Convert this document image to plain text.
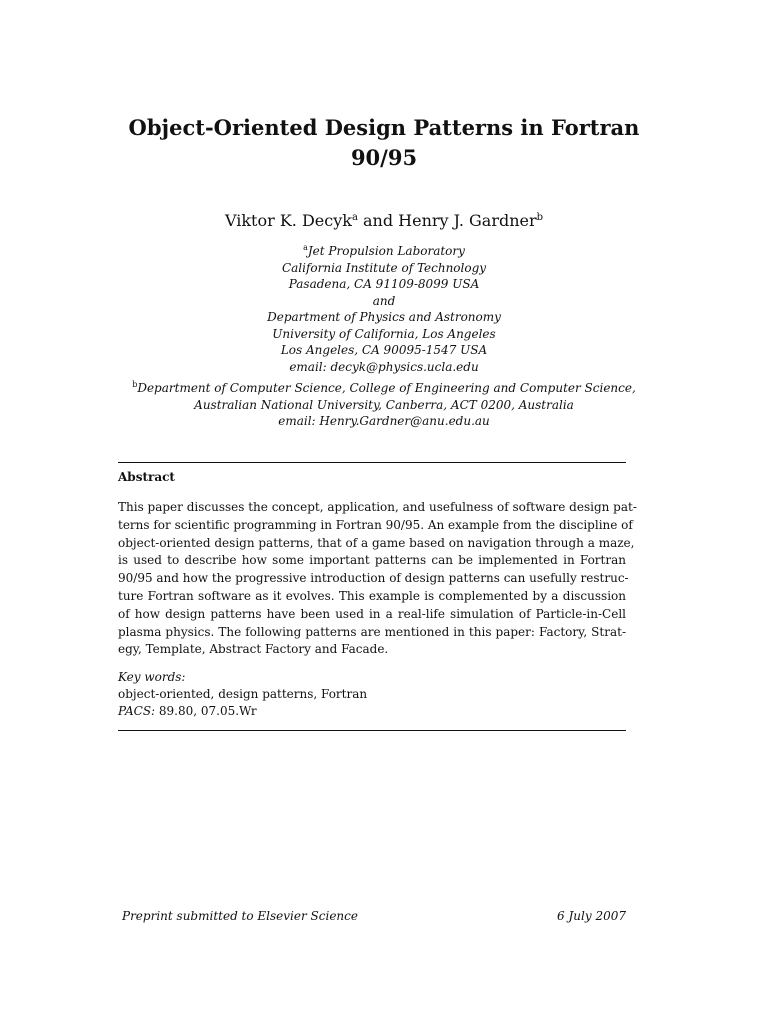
Object-Oriented Design Patterns in Fortran
90/95
Viktor K. Decyk$^a$ and Henry J. Gardner$^b$
$^a$Jet Propulsion Laboratory
California Institute of Technology
Pasadena, CA 91109-8099 USA
and
Department of Physics and Astronomy
University of California, Los Angeles
Los Angeles, CA 90095-1547 USA
email: decyk@physics.ucla.edu
$^b$Department of Computer Science, College of Engineering and Computer Science,
Australian National University, Canberra, ACT 0200, Australia
email: Henry.Gardner@anu.edu.au
Abstract
This paper discusses the concept, application, and usefulness of software design pat-
terns for scientific programming in Fortran 90/95. An example from the discipline of
object-oriented design patterns, that of a game based on navigation through a maze,
is used to describe how some important patterns can be implemented in Fortran
90/95 and how the progressive introduction of design patterns can usefully restruc-
ture Fortran software as it evolves. This example is complemented by a discussion
of how design patterns have been used in a real-life simulation of Particle-in-Cell
plasma physics. The following patterns are mentioned in this paper: Factory, Strat-
egy, Template, Abstract Factory and Facade.
Key words:
object-oriented, design patterns, Fortran
PACS: 89.80, 07.05.Wr
Preprint submitted to Elsevier Science	6 July 2007
